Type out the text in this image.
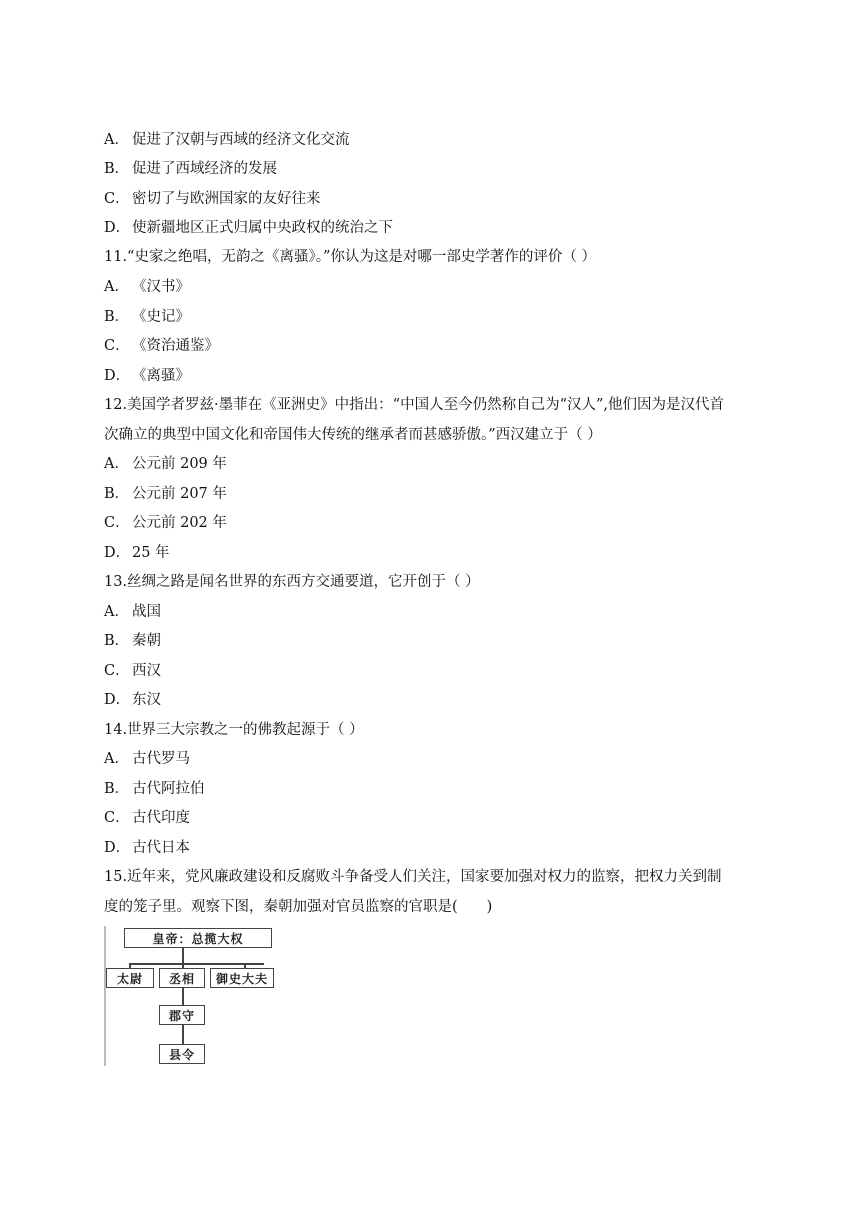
A． 促进了汉朝与西域的经济文化交流
B． 促进了西域经济的发展
C． 密切了与欧洲国家的友好往来
D． 使新疆地区正式归属中央政权的统治之下
11.“史家之绝唱，无韵之《离骚》。”你认为这是对哪一部史学著作的评价（ ）
A． 《汉书》
B． 《史记》
C． 《资治通鉴》
D． 《离骚》
12.美国学者罗兹·墨菲在《亚洲史》中指出：“中国人至今仍然称自己为“汉人”,他们因为是汉代首
次确立的典型中国文化和帝国伟大传统的继承者而甚感骄傲。”西汉建立于（ ）
A． 公元前 209 年
B． 公元前 207 年
C． 公元前 202 年
D． 25 年
13.丝绸之路是闻名世界的东西方交通要道，它开创于（ ）
A． 战国
B． 秦朝
C． 西汉
D． 东汉
14.世界三大宗教之一的佛教起源于（ ）
A． 古代罗马
B． 古代阿拉伯
C． 古代印度
D． 古代日本
15.近年来，党风廉政建设和反腐败斗争备受人们关注，国家要加强对权力的监察，把权力关到制
度的笼子里。观察下图，秦朝加强对官员监察的官职是(　　)
皇帝：总揽大权
太尉	丞相	御史大夫
郡守
县令
